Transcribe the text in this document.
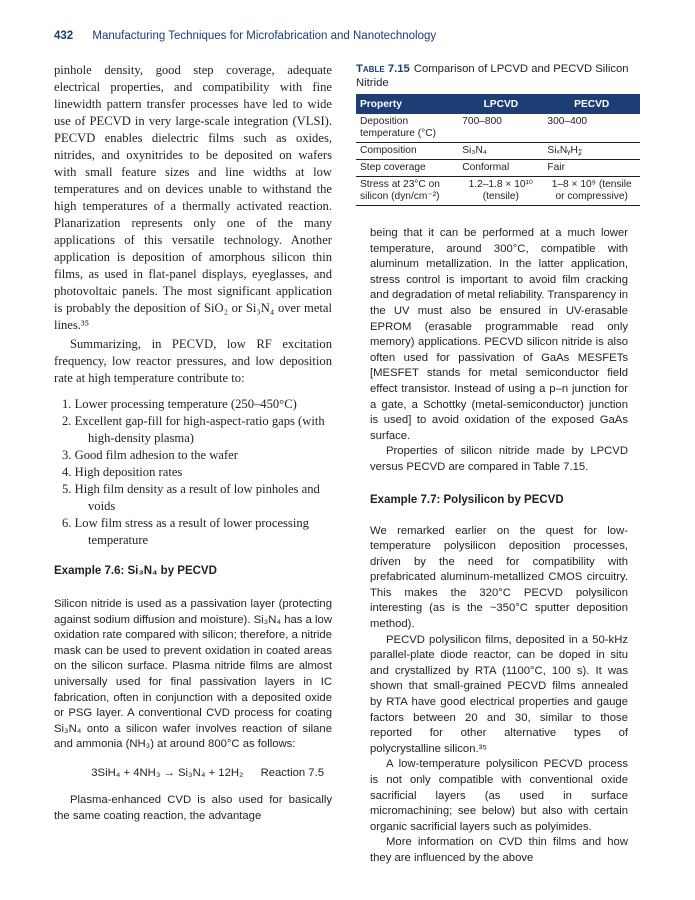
432 Manufacturing Techniques for Microfabrication and Nanotechnology

pinhole density, good step coverage, adequate electrical properties, and compatibility with fine linewidth pattern transfer processes have led to wide use of PECVD in very large-scale integration (VLSI). PECVD enables dielectric films such as oxides, nitrides, and oxynitrides to be deposited on wafers with small feature sizes and line widths at low temperatures and on devices unable to withstand the high temperatures of a thermally activated reaction. Planarization represents only one of the many applications of this versatile technology. Another application is deposition of amorphous silicon thin films, as used in flat-panel displays, eyeglasses, and photovoltaic panels. The most significant application is probably the deposition of SiO₂ or Si₃N₄ over metal lines.³⁵

Summarizing, in PECVD, low RF excitation frequency, low reactor pressures, and low deposition rate at high temperature contribute to:

1. Lower processing temperature (250–450°C)
2. Excellent gap-fill for high-aspect-ratio gaps (with high-density plasma)
3. Good film adhesion to the wafer
4. High deposition rates
5. High film density as a result of low pinholes and voids
6. Low film stress as a result of lower processing temperature
Example 7.6: Si₃N₄ by PECVD

Silicon nitride is used as a passivation layer (protecting against sodium diffusion and moisture). Si₃N₄ has a low oxidation rate compared with silicon; therefore, a nitride mask can be used to prevent oxidation in coated areas on the silicon surface. Plasma nitride films are almost universally used for final passivation layers in IC fabrication, often in conjunction with a deposited oxide or PSG layer. A conventional CVD process for coating Si₃N₄ onto a silicon wafer involves reaction of silane and ammonia (NH₃) at around 800°C as follows:

3SiH₄ + 4NH₃ → Si₃N₄ + 12H₂ Reaction 7.5

Plasma-enhanced CVD is also used for basically the same coating reaction, the advantage

Table 7.15 Comparison of LPCVD and PECVD Silicon Nitride
Property	LPCVD	PECVD
Deposition temperature (°C)	700–800	300–400
Composition	Si₃N₄	SiₓNᵧH𝓏
Step coverage	Conformal	Fair
Stress at 23°C on silicon (dyn/cm⁻²)	1.2–1.8 × 10¹⁰ (tensile)	1–8 × 10⁹ (tensile or compressive)

being that it can be performed at a much lower temperature, around 300°C, compatible with aluminum metallization. In the latter application, stress control is important to avoid film cracking and degradation of metal reliability. Transparency in the UV must also be ensured in UV-erasable EPROM (erasable programmable read only memory) applications. PECVD silicon nitride is also often used for passivation of GaAs MESFETs [MESFET stands for metal semiconductor field effect transistor. Instead of using a p–n junction for a gate, a Schottky (metal-semiconductor) junction is used] to avoid oxidation of the exposed GaAs surface.

Properties of silicon nitride made by LPCVD versus PECVD are compared in Table 7.15.

Example 7.7: Polysilicon by PECVD

We remarked earlier on the quest for low-temperature polysilicon deposition processes, driven by the need for compatibility with prefabricated aluminum-metallized CMOS circuitry. This makes the 320°C PECVD polysilicon interesting (as is the ~350°C sputter deposition method).

PECVD polysilicon films, deposited in a 50-kHz parallel-plate diode reactor, can be doped in situ and crystallized by RTA (1100°C, 100 s). It was shown that small-grained PECVD films annealed by RTA have good electrical properties and gauge factors between 20 and 30, similar to those reported for other alternative types of polycrystalline silicon.³⁵

A low-temperature polysilicon PECVD process is not only compatible with conventional oxide sacrificial layers (as used in surface micromachining; see below) but also with certain organic sacrificial layers such as polyimides.

More information on CVD thin films and how they are influenced by the above
